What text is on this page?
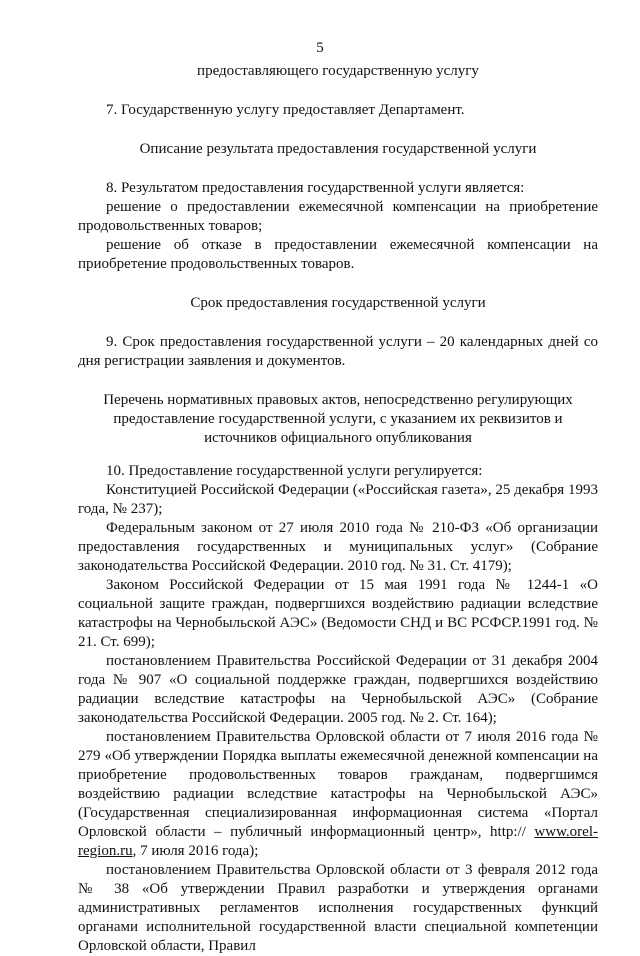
5

предоставляющего государственную услугу

7. Государственную услугу предоставляет Департамент.

Описание результата предоставления государственной услуги

8. Результатом предоставления государственной услуги является:

решение о предоставлении ежемесячной компенсации на приобретение продовольственных товаров;

решение об отказе в предоставлении ежемесячной компенсации на приобретение продовольственных товаров.

Срок предоставления государственной услуги

9. Срок предоставления государственной услуги – 20 календарных дней со дня регистрации заявления и документов.

Перечень нормативных правовых актов, непосредственно регулирующих предоставление государственной услуги, с указанием их реквизитов и источников официального опубликования

10. Предоставление государственной услуги регулируется:

Конституцией Российской Федерации («Российская газета», 25 декабря 1993 года, № 237);

Федеральным законом от 27 июля 2010 года № 210-ФЗ «Об организации предоставления государственных и муниципальных услуг» (Собрание законодательства Российской Федерации. 2010 год. № 31. Ст. 4179);

Законом Российской Федерации от 15 мая 1991 года № 1244-1 «О социальной защите граждан, подвергшихся воздействию радиации вследствие катастрофы на Чернобыльской АЭС» (Ведомости СНД и ВС РСФСР.1991 год. № 21. Ст. 699);

постановлением Правительства Российской Федерации от 31 декабря 2004 года № 907 «О социальной поддержке граждан, подвергшихся воздействию радиации вследствие катастрофы на Чернобыльской АЭС» (Собрание законодательства Российской Федерации. 2005 год. № 2. Ст. 164);

постановлением Правительства Орловской области от 7 июля 2016 года № 279 «Об утверждении Порядка выплаты ежемесячной денежной компенсации на приобретение продовольственных товаров гражданам, подвергшимся воздействию радиации вследствие катастрофы на Чернобыльской АЭС» (Государственная специализированная информационная система «Портал Орловской области – публичный информационный центр», http:// www.orel-region.ru, 7 июля 2016 года);

постановлением Правительства Орловской области от 3 февраля 2012 года № 38 «Об утверждении Правил разработки и утверждения органами административных регламентов исполнения государственных функций органами исполнительной государственной власти специальной компетенции Орловской области, Правил
